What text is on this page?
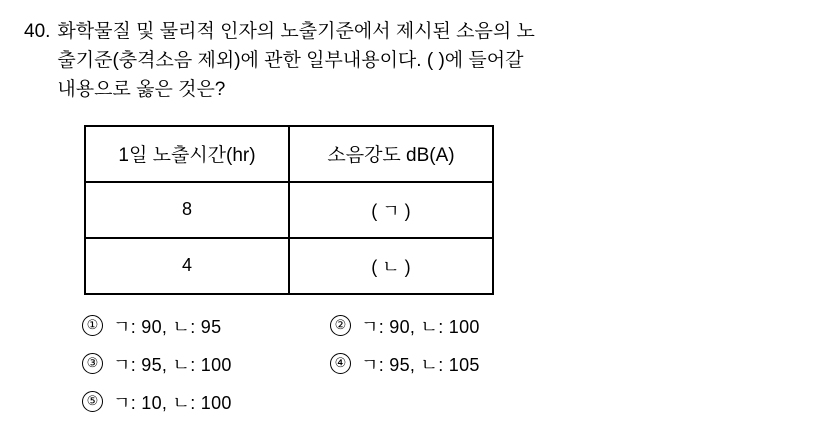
40. 화학물질 및 물리적 인자의 노출기준에서 제시된 소음의 노
출기준(충격소음 제외)에 관한 일부내용이다. ( )에 들어갈
내용으로 옳은 것은?
1일 노출시간(hr)	소음강도 dB(A)
8	( ㄱ )
4	( ㄴ )
① ㄱ: 90, ㄴ: 95	② ㄱ: 90, ㄴ: 100
③ ㄱ: 95, ㄴ: 100	④ ㄱ: 95, ㄴ: 105
⑤ ㄱ: 10, ㄴ: 100
